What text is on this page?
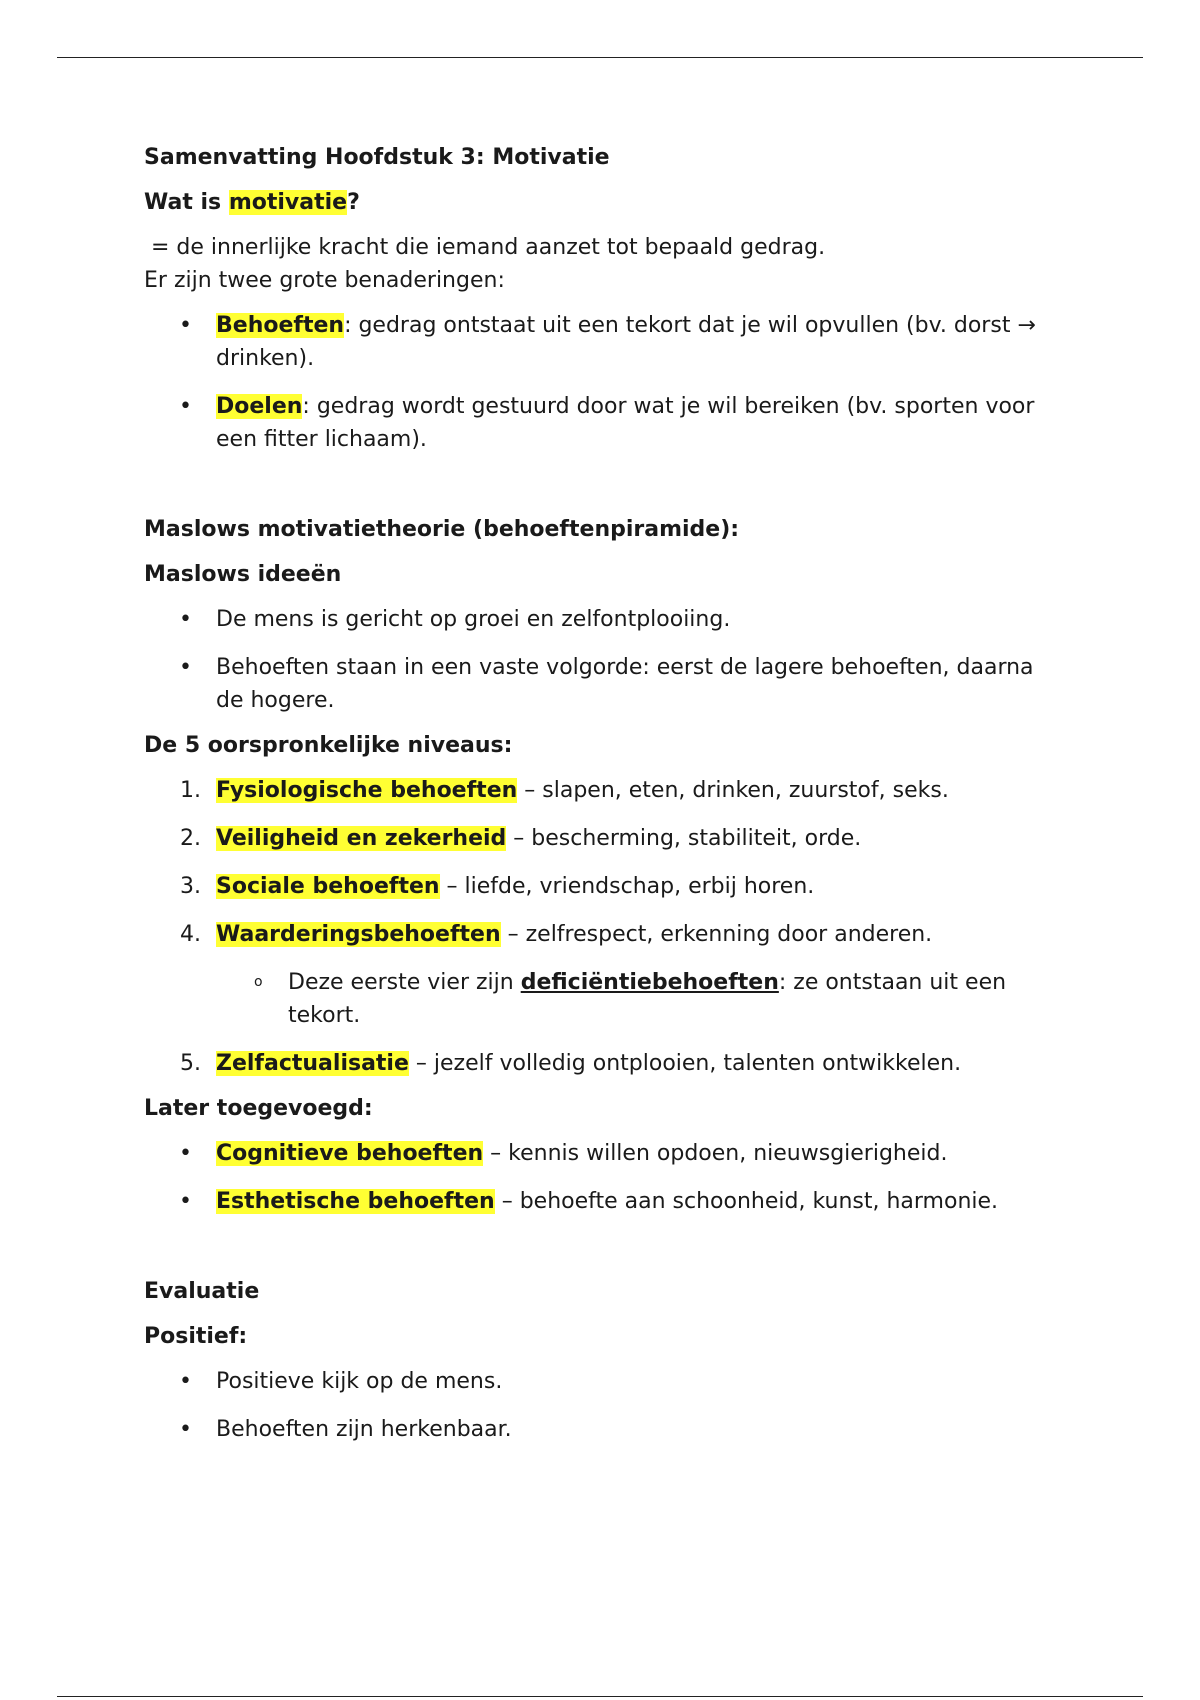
Samenvatting Hoofdstuk 3: Motivatie

Wat is motivatie?

= de innerlijke kracht die iemand aanzet tot bepaald gedrag.

Er zijn twee grote benaderingen:

• Behoeften: gedrag ontstaat uit een tekort dat je wil opvullen (bv. dorst → drinken).
• Doelen: gedrag wordt gestuurd door wat je wil bereiken (bv. sporten voor een fitter lichaam).

Maslows motivatietheorie (behoeftenpiramide):

Maslows ideeën

• De mens is gericht op groei en zelfontplooiing.
• Behoeften staan in een vaste volgorde: eerst de lagere behoeften, daarna de hogere.

De 5 oorspronkelijke niveaus:

1. Fysiologische behoeften – slapen, eten, drinken, zuurstof, seks.
2. Veiligheid en zekerheid – bescherming, stabiliteit, orde.
3. Sociale behoeften – liefde, vriendschap, erbij horen.
4. Waarderingsbehoeften – zelfrespect, erkenning door anderen.
o Deze eerste vier zijn deficiëntiebehoeften: ze ontstaan uit een tekort.
5. Zelfactualisatie – jezelf volledig ontplooien, talenten ontwikkelen.

Later toegevoegd:

• Cognitieve behoeften – kennis willen opdoen, nieuwsgierigheid.
• Esthetische behoeften – behoefte aan schoonheid, kunst, harmonie.

Evaluatie

Positief:

• Positieve kijk op de mens.
• Behoeften zijn herkenbaar.
